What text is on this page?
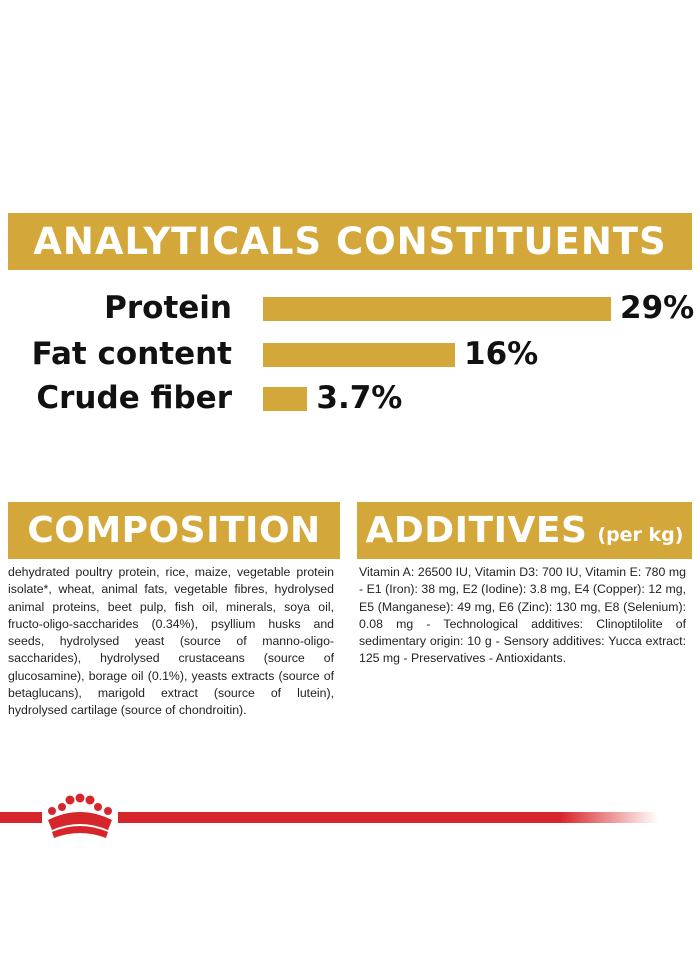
ANALYTICALS CONSTITUENTS
Protein	29%
Fat content	16%
Crude fiber	3.7%
COMPOSITION
dehydrated poultry protein, rice, maize, vegetable protein isolate*, wheat, animal fats, vegetable fibres, hydrolysed animal proteins, beet pulp, fish oil, minerals, soya oil, fructo-oligo-saccharides (0.34%), psyllium husks and seeds, hydrolysed yeast (source of manno-oligo-saccharides), hydrolysed crustaceans (source of glucosamine), borage oil (0.1%), yeasts extracts (source of betaglucans), marigold extract (source of lutein), hydrolysed cartilage (source of chondroitin).
ADDITIVES (per kg)
Vitamin A: 26500 IU, Vitamin D3: 700 IU, Vitamin E: 780 mg - E1 (Iron): 38 mg, E2 (Iodine): 3.8 mg, E4 (Copper): 12 mg, E5 (Manganese): 49 mg, E6 (Zinc): 130 mg, E8 (Selenium): 0.08 mg - Technological additives: Clinoptilolite of sedimentary origin: 10 g - Sensory additives: Yucca extract: 125 mg - Preservatives - Antioxidants.
